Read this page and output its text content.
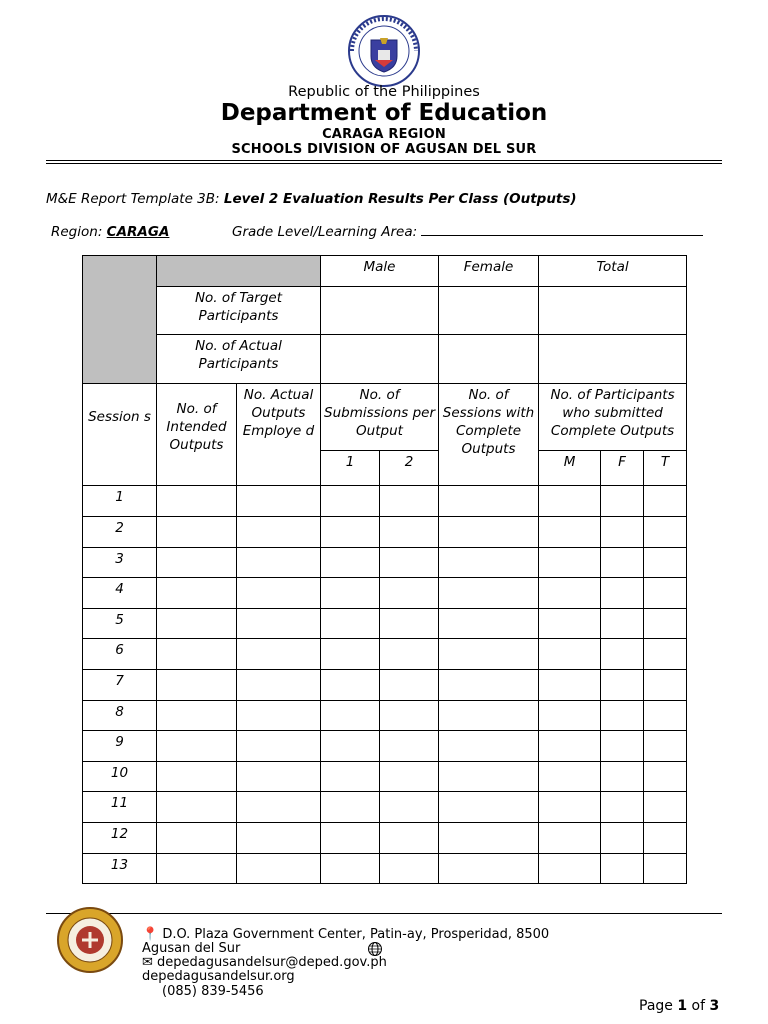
Republic of the Philippines
Department of Education
CARAGA REGION
SCHOOLS DIVISION OF AGUSAN DEL SUR
M&E Report Template 3B: Level 2 Evaluation Results Per Class (Outputs)
Region: CARAGA	Grade Level/Learning Area:
			Male		Female	Total		
	No. of Target Participants							
	No. of Actual Participants							
Session s	No. of Intended Outputs	No. Actual Outputs Employe d	No. of Submissions per Output		No. of Sessions with Complete Outputs	No. of Participants who submitted Complete Outputs		
			1	2		M	F	T
1								
2								
3								
4								
5								
6								
7								
8								
9								
10								
11								
12								
13								
📍 D.O. Plaza Government Center, Patin-ay, Prosperidad, 8500
Agusan del Sur
✉ depedagusandelsur@deped.gov.ph
depedagusandelsur.org
(085) 839-5456
Page 1 of 3
